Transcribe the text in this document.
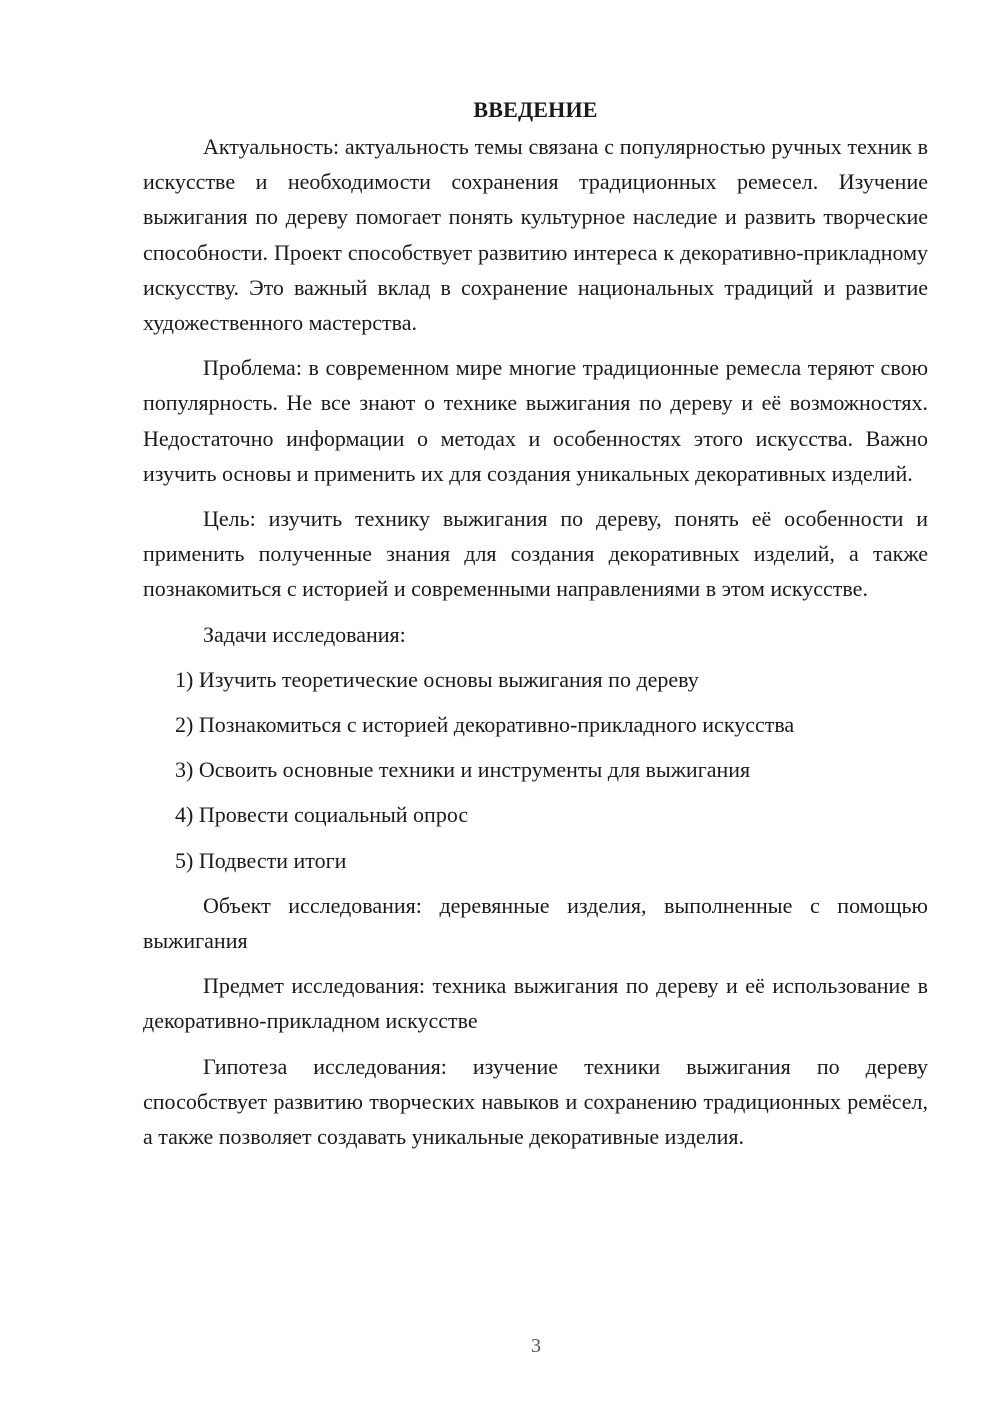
ВВЕДЕНИЕ

Актуальность: актуальность темы связана с популярностью ручных техник в искусстве и необходимости сохранения традиционных ремесел. Изучение выжигания по дереву помогает понять культурное наследие и развить творческие способности. Проект способствует развитию интереса к декоративно-прикладному искусству. Это важный вклад в сохранение национальных традиций и развитие художественного мастерства.

Проблема: в современном мире многие традиционные ремесла теряют свою популярность. Не все знают о технике выжигания по дереву и её возможностях. Недостаточно информации о методах и особенностях этого искусства. Важно изучить основы и применить их для создания уникальных декоративных изделий.

Цель: изучить технику выжигания по дереву, понять её особенности и применить полученные знания для создания декоративных изделий, а также познакомиться с историей и современными направлениями в этом искусстве.

Задачи исследования:

1) Изучить теоретические основы выжигания по дереву
2) Познакомиться с историей декоративно-прикладного искусства
3) Освоить основные техники и инструменты для выжигания
4) Провести социальный опрос
5) Подвести итоги

Объект исследования: деревянные изделия, выполненные с помощью выжигания

Предмет исследования: техника выжигания по дереву и её использование в декоративно-прикладном искусстве

Гипотеза исследования: изучение техники выжигания по дереву способствует развитию творческих навыков и сохранению традиционных ремёсел, а также позволяет создавать уникальные декоративные изделия.

3
